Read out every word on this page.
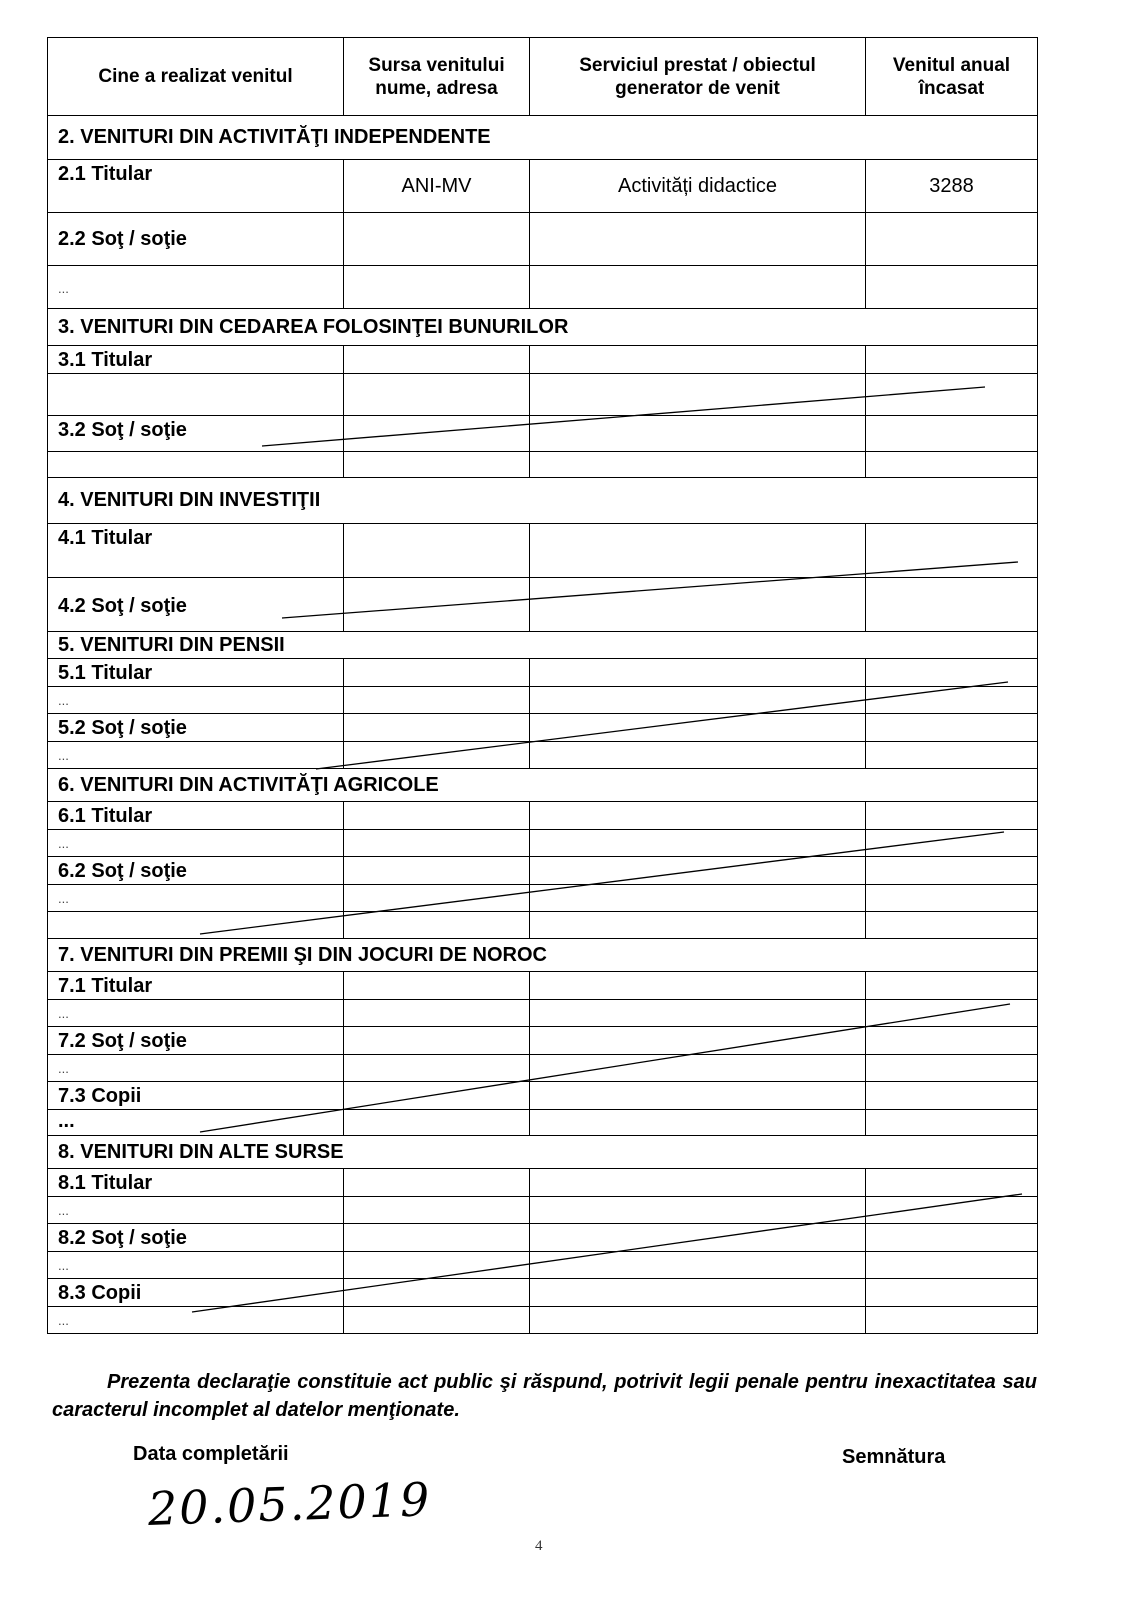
Cine a realizat venitul	Sursa venitului nume, adresa	Serviciul prestat / obiectul generator de venit	Venitul anual încasat
2. VENITURI DIN ACTIVITĂŢI INDEPENDENTE			
2.1 Titular	ANI-MV	Activități didactice	3288
2.2 Soţ / soţie			
...			
3. VENITURI DIN CEDAREA FOLOSINŢEI BUNURILOR			
3.1 Titular			

3.2 Soţ / soţie			

4. VENITURI DIN INVESTIŢII			
4.1 Titular			
4.2 Soţ / soţie			
5. VENITURI DIN PENSII			
5.1 Titular			
...			
5.2 Soţ / soţie			
...			
6. VENITURI DIN ACTIVITĂŢI AGRICOLE			
6.1 Titular			
...			
6.2 Soţ / soţie			
...			

7. VENITURI DIN PREMII ŞI DIN JOCURI DE NOROC			
7.1 Titular			
...			
7.2 Soţ / soţie			
...			
7.3 Copii			
...			
8. VENITURI DIN ALTE SURSE			
8.1 Titular			
...			
8.2 Soţ / soţie			
...			
8.3 Copii			
...			
Prezenta declaraţie constituie act public şi răspund, potrivit legii penale pentru inexactitatea sau caracterul incomplet al datelor menţionate.
Data completării	Semnătura
20.05.2019
4
